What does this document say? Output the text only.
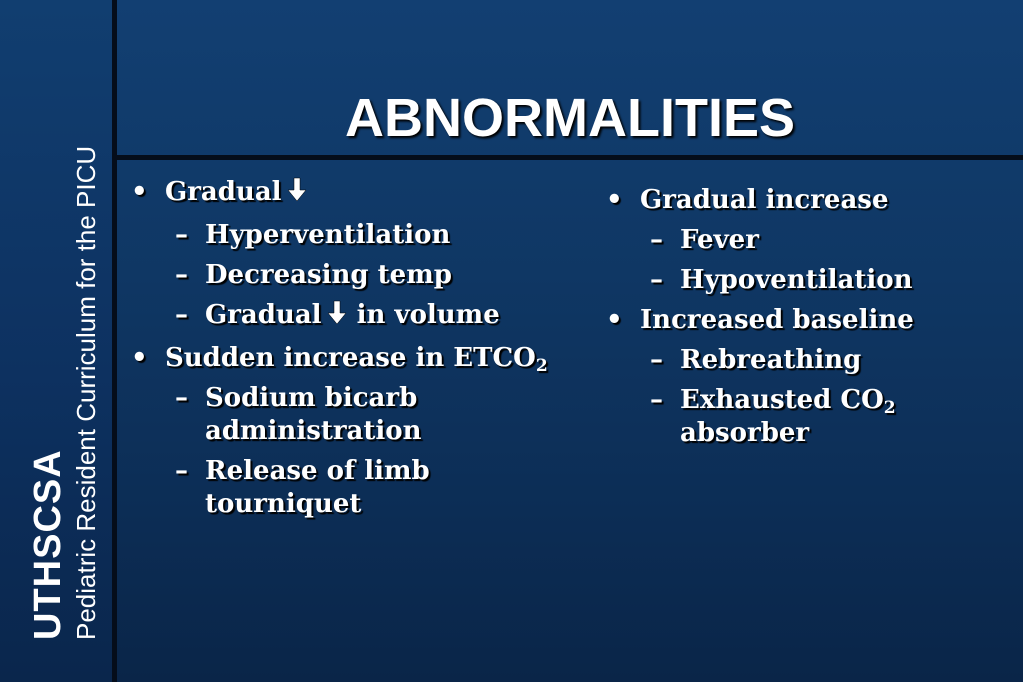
UTHSCSA Pediatric Resident Curriculum for the PICU
ABNORMALITIES
• Gradual
– Hyperventilation
– Decreasing temp
– Gradual in volume
• Sudden increase in $ETCO_2$
– Sodium bicarb administration
– Release of limb tourniquet
• Gradual increase
– Fever
– Hypoventilation
• Increased baseline
– Rebreathing
– Exhausted $CO_2$
absorber
